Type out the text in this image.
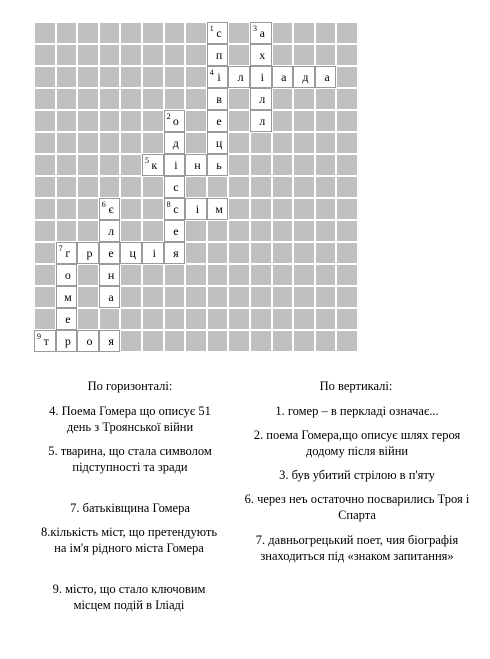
1 с	3 а
п	х
4 і	л	і	а	д	а
в	л
2 о	е	л
д	ц
5 к	і	н	ь
с
6 є	8 с	і	м
л	е
7 г	р	е	ц	і	я
о	н
м	а
е
9 т	р	о	я
По горизонталі:	По вертикалі:
4. Поема Гомера що описує 51 день з Троянської війни
5. тварина, що стала символом підступності та зради
7. батьківщина Гомера
8.кількість міст, що претендують на ім'я рідного міста Гомера
9. місто, що стало ключовим місцем подій в Іліаді
1. гомер – в перкладі означає...
2. поема Гомера,що описує шлях героя додому після війни
3. був убитий стрілою в п'яту
6. через неъ остаточно посварились Троя і Спарта
7. давньогрецький поет, чия біографія знаходиться під «знаком запитання»
